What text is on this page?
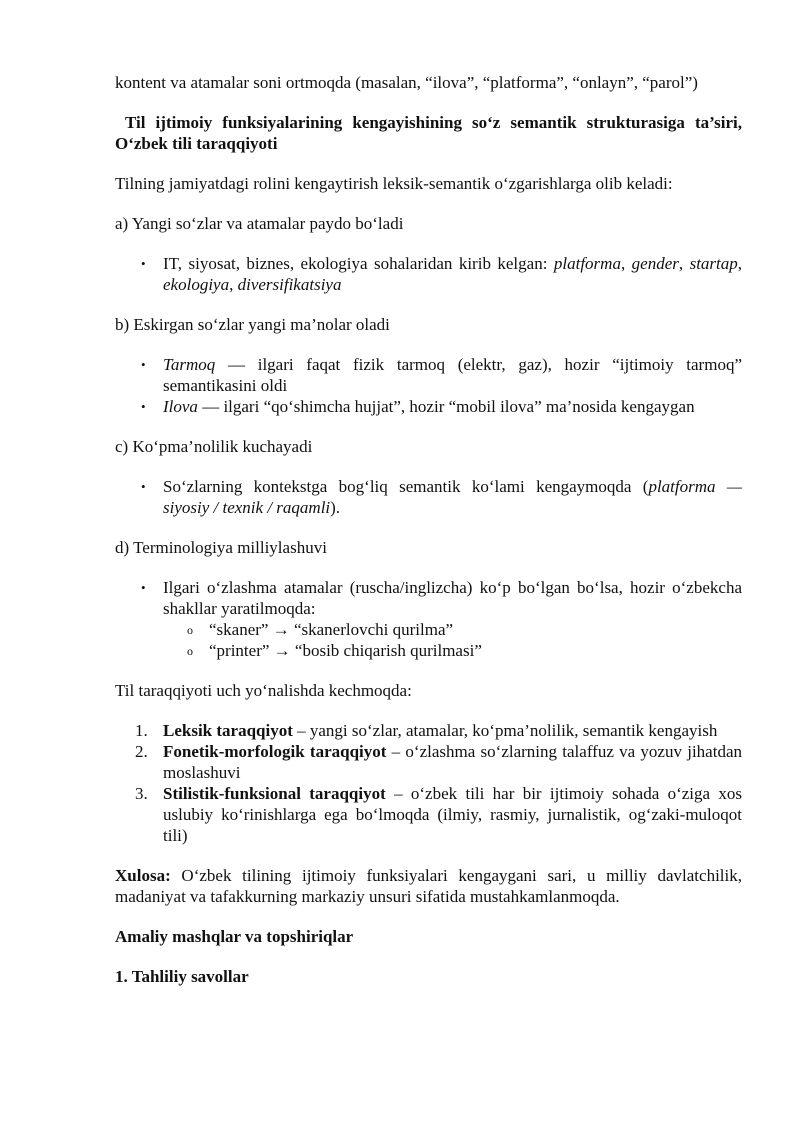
kontent va atamalar soni ortmoqda (masalan, “ilova”, “platforma”, “onlayn”, “parol”)

Til ijtimoiy funksiyalarining kengayishining so‘z semantik strukturasiga ta’siri, O‘zbek tili taraqqiyoti

Tilning jamiyatdagi rolini kengaytirish leksik-semantik o‘zgarishlarga olib keladi:

a) Yangi so‘zlar va atamalar paydo bo‘ladi

• IT, siyosat, biznes, ekologiya sohalaridan kirib kelgan: platforma, gender, startap, ekologiya, diversifikatsiya

b) Eskirgan so‘zlar yangi ma’nolar oladi

• Tarmoq — ilgari faqat fizik tarmoq (elektr, gaz), hozir “ijtimoiy tarmoq” semantikasini oldi
• Ilova — ilgari “qo‘shimcha hujjat”, hozir “mobil ilova” ma’nosida kengaygan

c) Ko‘pma’nolilik kuchayadi

• So‘zlarning kontekstga bog‘liq semantik ko‘lami kengaymoqda (platforma — siyosiy / texnik / raqamli).

d) Terminologiya milliylashuvi

• Ilgari o‘zlashma atamalar (ruscha/inglizcha) ko‘p bo‘lgan bo‘lsa, hozir o‘zbekcha shakllar yaratilmoqda:
o “skaner” → “skanerlovchi qurilma”
o “printer” → “bosib chiqarish qurilmasi”

Til taraqqiyoti uch yo‘nalishda kechmoqda:

1. Leksik taraqqiyot – yangi so‘zlar, atamalar, ko‘pma’nolilik, semantik kengayish
2. Fonetik-morfologik taraqqiyot – o‘zlashma so‘zlarning talaffuz va yozuv jihatdan moslashuvi
3. Stilistik-funksional taraqqiyot – o‘zbek tili har bir ijtimoiy sohada o‘ziga xos uslubiy ko‘rinishlarga ega bo‘lmoqda (ilmiy, rasmiy, jurnalistik, og‘zaki-muloqot tili)

Xulosa: O‘zbek tilining ijtimoiy funksiyalari kengaygani sari, u milliy davlatchilik, madaniyat va tafakkurning markaziy unsuri sifatida mustahkamlanmoqda.

Amaliy mashqlar va topshiriqlar

1. Tahliliy savollar
